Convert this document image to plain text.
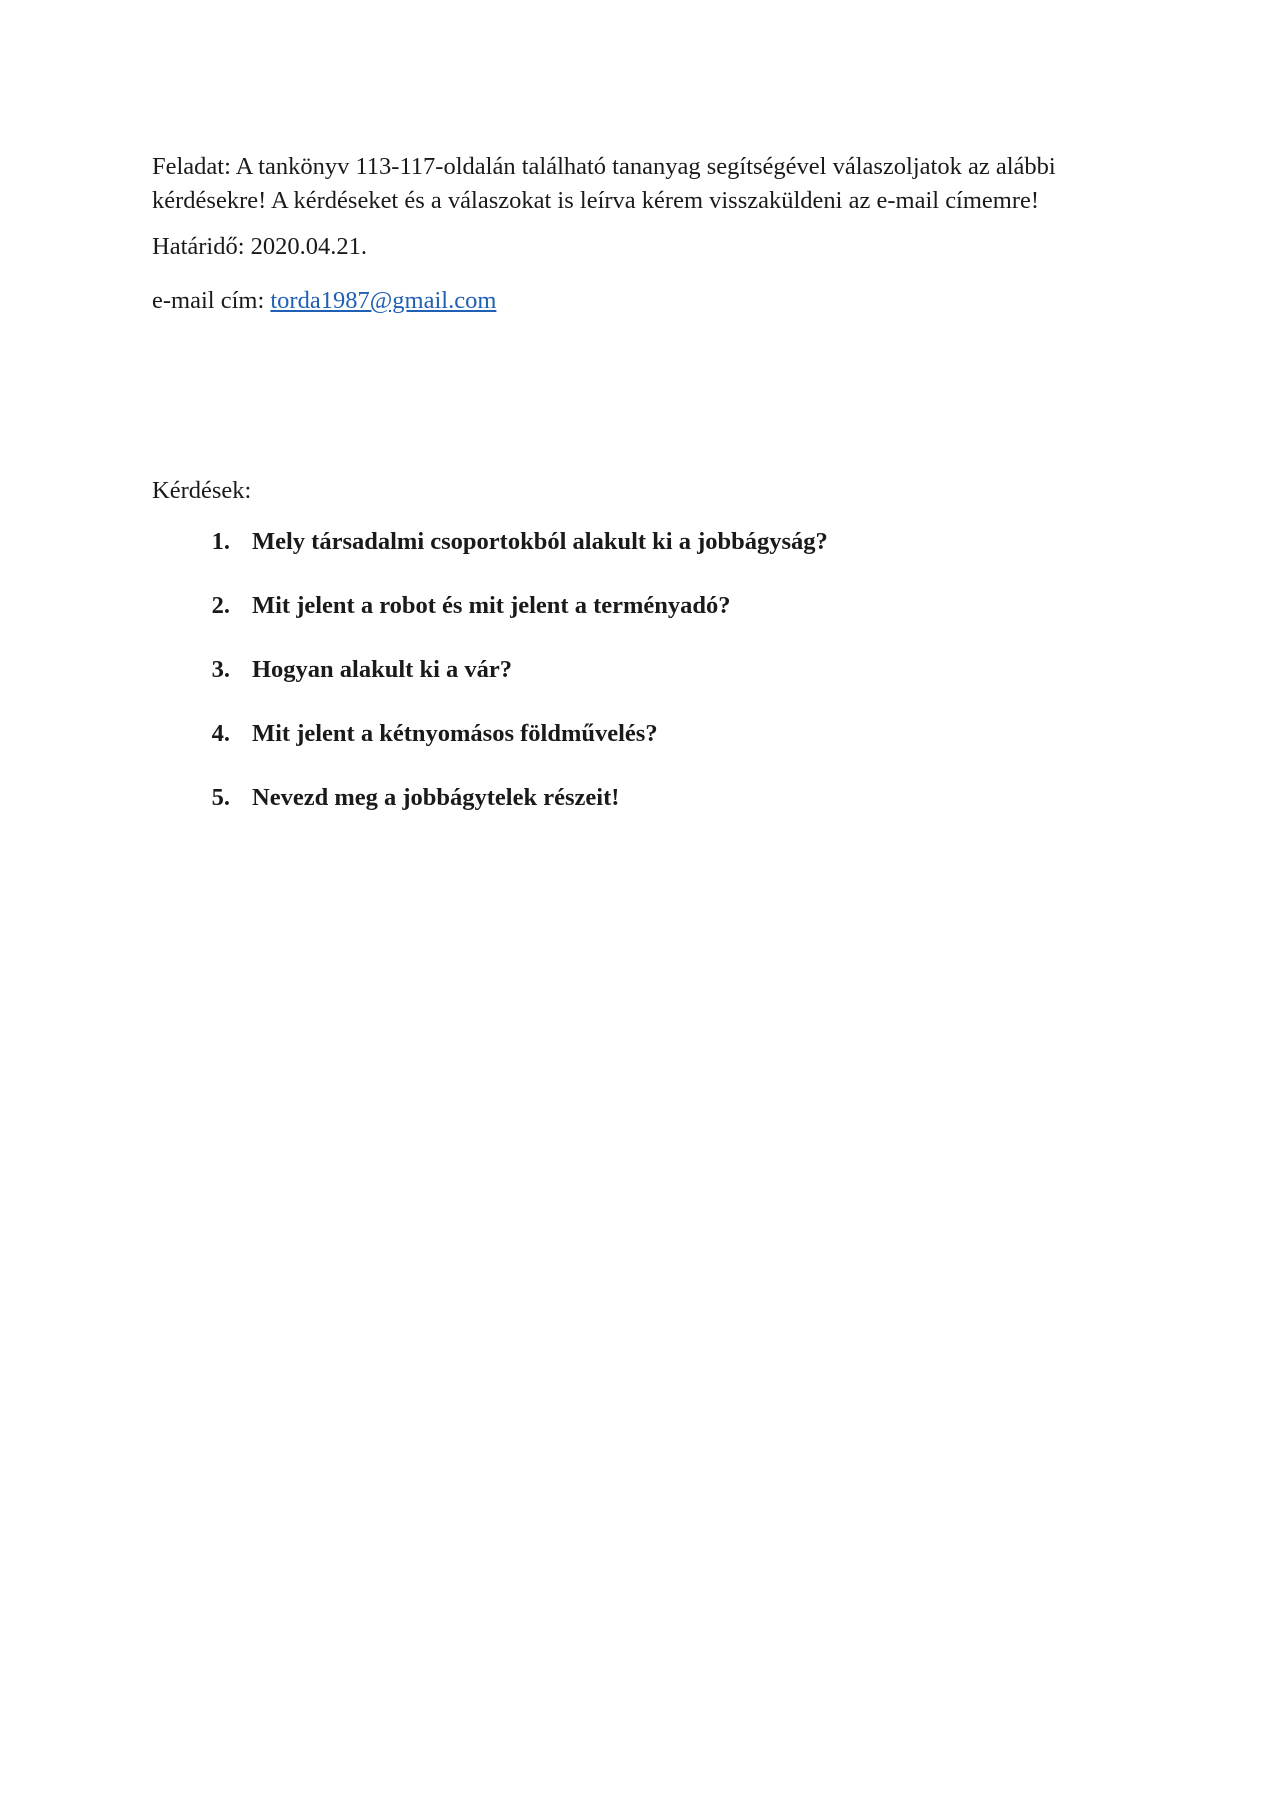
Feladat: A tankönyv 113-117-oldalán található tananyag segítségével válaszoljatok az alábbi kérdésekre! A kérdéseket és a válaszokat is leírva kérem visszaküldeni az e-mail címemre!

Határidő: 2020.04.21.

e-mail cím: torda1987@gmail.com

Kérdések:

1. Mely társadalmi csoportokból alakult ki a jobbágyság?
2. Mit jelent a robot és mit jelent a terményadó?
3. Hogyan alakult ki a vár?
4. Mit jelent a kétnyomásos földművelés?
5. Nevezd meg a jobbágytelek részeit!
